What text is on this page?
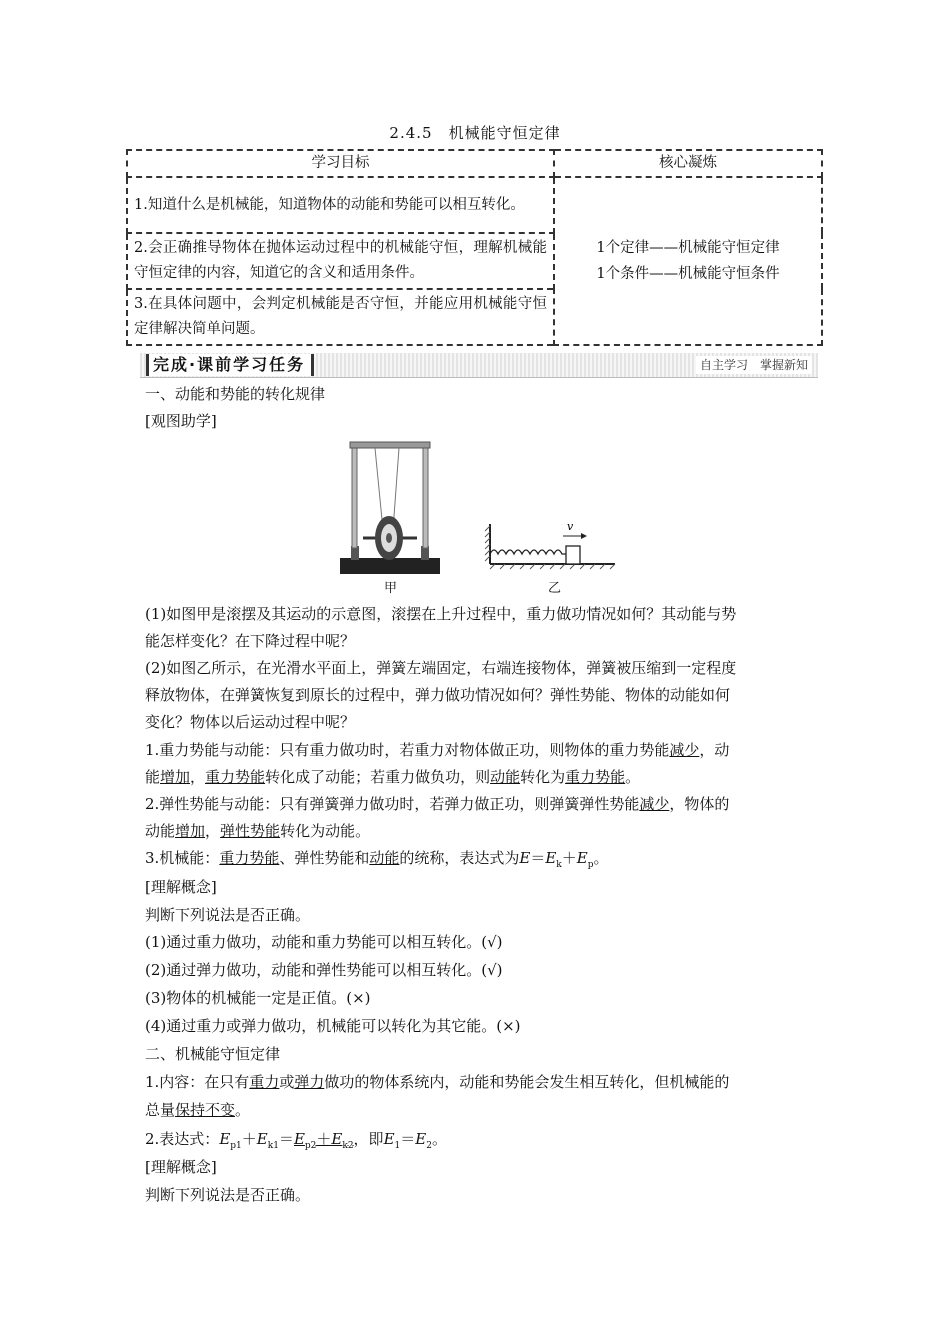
2.4.5　机械能守恒定律
学习目标	核心凝炼
1.知道什么是机械能，知道物体的动能和势能可以相互转化。	1个定律——机械能守恒定律
1个条件——机械能守恒条件

2.会正确推导物体在抛体运动过程中的机械能守恒，理解机械能守恒定律的内容，知道它的含义和适用条件。	
3.在具体问题中，会判定机械能是否守恒，并能应用机械能守恒定律解决简单问题。	
完成·课前学习任务	自主学习　掌握新知
一、动能和势能的转化规律
[观图助学]
v
甲	乙
(1)如图甲是滚摆及其运动的示意图，滚摆在上升过程中，重力做功情况如何？其动能与势
能怎样变化？在下降过程中呢？
(2)如图乙所示，在光滑水平面上，弹簧左端固定，右端连接物体，弹簧被压缩到一定程度
释放物体，在弹簧恢复到原长的过程中，弹力做功情况如何？弹性势能、物体的动能如何
变化？物体以后运动过程中呢？
1.重力势能与动能：只有重力做功时，若重力对物体做正功，则物体的重力势能减少，动
能增加，重力势能转化成了动能；若重力做负功，则动能转化为重力势能。
2.弹性势能与动能：只有弹簧弹力做功时，若弹力做正功，则弹簧弹性势能减少，物体的
动能增加，弹性势能转化为动能。
3.机械能：重力势能、弹性势能和动能的统称，表达式为$E=E_k+E_p$。
[理解概念]
判断下列说法是否正确。
(1)通过重力做功，动能和重力势能可以相互转化。(√)
(2)通过弹力做功，动能和弹性势能可以相互转化。(√)
(3)物体的机械能一定是正值。(×)
(4)通过重力或弹力做功，机械能可以转化为其它能。(×)
二、机械能守恒定律
1.内容：在只有重力或弹力做功的物体系统内，动能和势能会发生相互转化，但机械能的
总量保持不变。
2.表达式：$E_{p1}+E_{k1}=E_{p2}+E_{k2}$，即$E_1=E_2$。
[理解概念]
判断下列说法是否正确。
